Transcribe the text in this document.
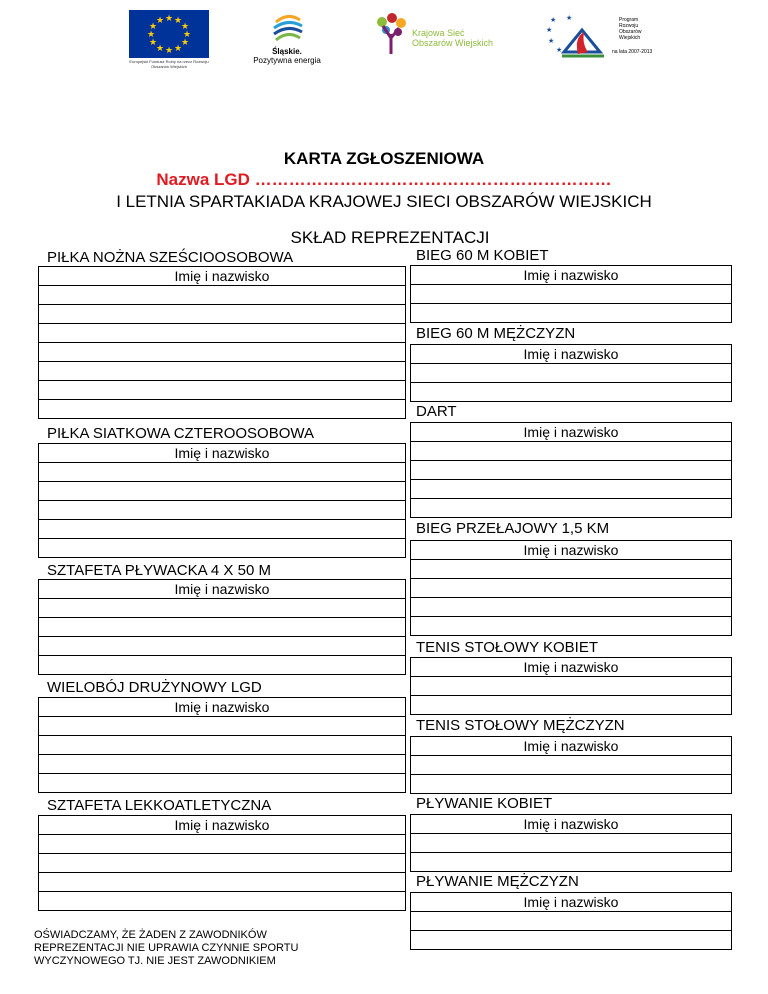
★ ★
★
★
★
★
★
★
★
★
★
★
Europejski Fundusz Rolny na rzecz Rozwoju Obszarów Wiejskich
Śląskie.
Pozytywna energia
Krajowa Sieć
Obszarów Wiejskich
★
★
★
★
★	Program
Rozwoju
Obszarów
Wiejskich
na lata 2007-2013
KARTA ZGŁOSZENIOWA
Nazwa LGD ………………………………………………………
I LETNIA SPARTAKIADA KRAJOWEJ SIECI OBSZARÓW WIEJSKICH
SKŁAD REPREZENTACJI
PIŁKA NOŻNA SZEŚCIOOSOBOWA
Imię i nazwisko

PIŁKA SIATKOWA CZTEROOSOBOWA
Imię i nazwisko

SZTAFETA PŁYWACKA 4 X 50 M
Imię i nazwisko

WIELOBÓJ DRUŻYNOWY LGD
Imię i nazwisko

SZTAFETA LEKKOATLETYCZNA
Imię i nazwisko

BIEG 60 M KOBIET
Imię i nazwisko

BIEG 60 M MĘŻCZYZN
Imię i nazwisko

DART
Imię i nazwisko

BIEG PRZEŁAJOWY 1,5 KM
Imię i nazwisko

TENIS STOŁOWY KOBIET
Imię i nazwisko

TENIS STOŁOWY MĘŻCZYZN
Imię i nazwisko

PŁYWANIE KOBIET
Imię i nazwisko

PŁYWANIE MĘŻCZYZN
Imię i nazwisko

OŚWIADCZAMY, ŻE ŻADEN Z ZAWODNIKÓW
REPREZENTACJI NIE UPRAWIA CZYNNIE SPORTU
WYCZYNOWEGO TJ. NIE JEST ZAWODNIKIEM
